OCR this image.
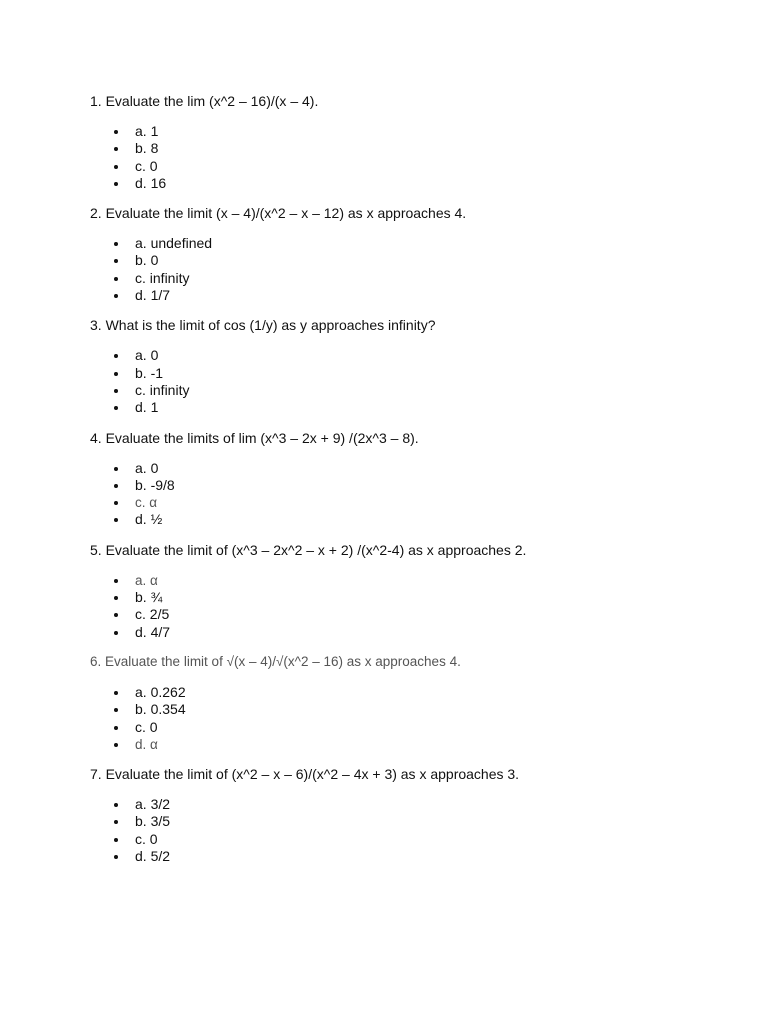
1. Evaluate the lim (x^2 – 16)/(x – 4).

a. 1
b. 8
c. 0
d. 16

2. Evaluate the limit (x – 4)/(x^2 – x – 12) as x approaches 4.

a. undefined
b. 0
c. infinity
d. 1/7

3. What is the limit of cos (1/y) as y approaches infinity?

a. 0
b. -1
c. infinity
d. 1

4. Evaluate the limits of lim (x^3 – 2x + 9) /(2x^3 – 8).

a. 0
b. -9/8
c. α
d. ½

5. Evaluate the limit of (x^3 – 2x^2 – x + 2) /(x^2-4) as x approaches 2.

a. α
b. ¾
c. 2/5
d. 4/7

6. Evaluate the limit of √(x – 4)/√(x^2 – 16) as x approaches 4.

a. 0.262
b. 0.354
c. 0
d. α

7. Evaluate the limit of (x^2 – x – 6)/(x^2 – 4x + 3) as x approaches 3.

a. 3/2
b. 3/5
c. 0
d. 5/2
